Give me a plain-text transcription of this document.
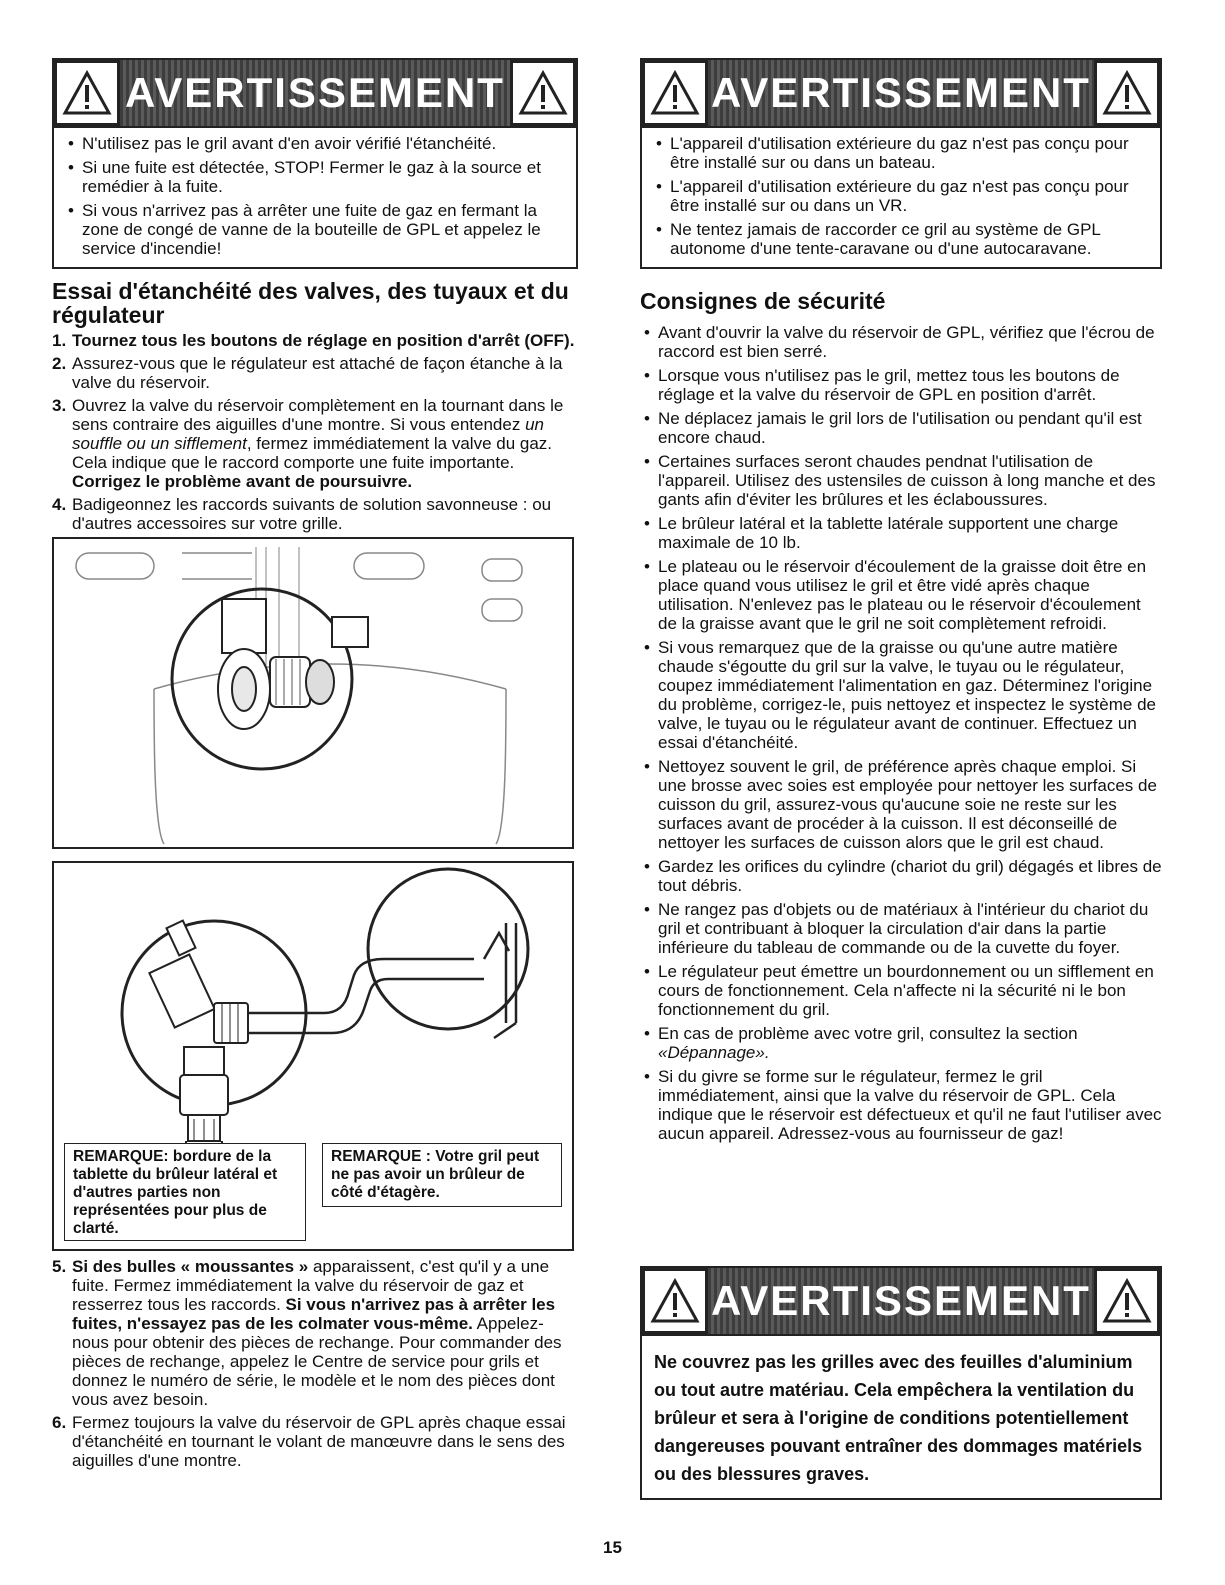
AVERTISSEMENT
• N'utilisez pas le gril avant d'en avoir vérifié l'étanchéité.
• Si une fuite est détectée, STOP! Fermer le gaz à la source et remédier à la fuite.
• Si vous n'arrivez pas à arrêter une fuite de gaz en fermant la zone de congé de vanne de la bouteille de GPL et appelez le service d'incendie!
Essai d'étanchéité des valves, des tuyaux et du régulateur
1. Tournez tous les boutons de réglage en position d'arrêt (OFF).
2. Assurez-vous que le régulateur est attaché de façon étanche à la valve du réservoir.
3. Ouvrez la valve du réservoir complètement en la tournant dans le sens contraire des aiguilles d'une montre. Si vous entendez un souffle ou un sifflement, fermez immédiatement la valve du gaz. Cela indique que le raccord comporte une fuite importante. Corrigez le problème avant de poursuivre.
4. Badigeonnez les raccords suivants de solution savonneuse : ou d'autres accessoires sur votre grille.
REMARQUE: bordure de la tablette du brûleur latéral et d'autres parties non représentées pour plus de clarté.
REMARQUE : Votre gril peut ne pas avoir un brûleur de côté d'étagère.
5. Si des bulles « moussantes » apparaissent, c'est qu'il y a une fuite. Fermez immédiatement la valve du réservoir de gaz et resserrez tous les raccords. Si vous n'arrivez pas à arrêter les fuites, n'essayez pas de les colmater vous-même. Appelez-nous pour obtenir des pièces de rechange. Pour commander des pièces de rechange, appelez le Centre de service pour grils et donnez le numéro de série, le modèle et le nom des pièces dont vous avez besoin.
6. Fermez toujours la valve du réservoir de GPL après chaque essai d'étanchéité en tournant le volant de manœuvre dans le sens des aiguilles d'une montre.
AVERTISSEMENT
• L'appareil d'utilisation extérieure du gaz n'est pas conçu pour être installé sur ou dans un bateau.
• L'appareil d'utilisation extérieure du gaz n'est pas conçu pour être installé sur ou dans un VR.
• Ne tentez jamais de raccorder ce gril au système de GPL autonome d'une tente-caravane ou d'une autocaravane.
Consignes de sécurité
• Avant d'ouvrir la valve du réservoir de GPL, vérifiez que l'écrou de raccord est bien serré.
• Lorsque vous n'utilisez pas le gril, mettez tous les boutons de réglage et la valve du réservoir de GPL en position d'arrêt.
• Ne déplacez jamais le gril lors de l'utilisation ou pendant qu'il est encore chaud.
• Certaines surfaces seront chaudes pendnat l'utilisation de l'appareil. Utilisez des ustensiles de cuisson à long manche et des gants afin d'éviter les brûlures et les éclaboussures.
• Le brûleur latéral et la tablette latérale supportent une charge maximale de 10 lb.
• Le plateau ou le réservoir d'écoulement de la graisse doit être en place quand vous utilisez le gril et être vidé après chaque utilisation. N'enlevez pas le plateau ou le réservoir d'écoulement de la graisse avant que le gril ne soit complètement refroidi.
• Si vous remarquez que de la graisse ou qu'une autre matière chaude s'égoutte du gril sur la valve, le tuyau ou le régulateur, coupez immédiatement l'alimentation en gaz. Déterminez l'origine du problème, corrigez-le, puis nettoyez et inspectez le système de valve, le tuyau ou le régulateur avant de continuer. Effectuez un essai d'étanchéité.
• Nettoyez souvent le gril, de préférence après chaque emploi. Si une brosse avec soies est employée pour nettoyer les surfaces de cuisson du gril, assurez-vous qu'aucune soie ne reste sur les surfaces avant de procéder à la cuisson. Il est déconseillé de nettoyer les surfaces de cuisson alors que le gril est chaud.
• Gardez les orifices du cylindre (chariot du gril) dégagés et libres de tout débris.
• Ne rangez pas d'objets ou de matériaux à l'intérieur du chariot du gril et contribuant à bloquer la circulation d'air dans la partie inférieure du tableau de commande ou de la cuvette du foyer.
• Le régulateur peut émettre un bourdonnement ou un sifflement en cours de fonctionnement. Cela n'affecte ni la sécurité ni le bon fonctionnement du gril.
• En cas de problème avec votre gril, consultez la section «Dépannage».
• Si du givre se forme sur le régulateur, fermez le gril immédiatement, ainsi que la valve du réservoir de GPL. Cela indique que le réservoir est défectueux et qu'il ne faut l'utiliser avec aucun appareil. Adressez-vous au fournisseur de gaz!
AVERTISSEMENT
Ne couvrez pas les grilles avec des feuilles d'aluminium ou tout autre matériau. Cela empêchera la ventilation du brûleur et sera à l'origine de conditions potentiellement dangereuses pouvant entraîner des dommages matériels ou des blessures graves.
15
